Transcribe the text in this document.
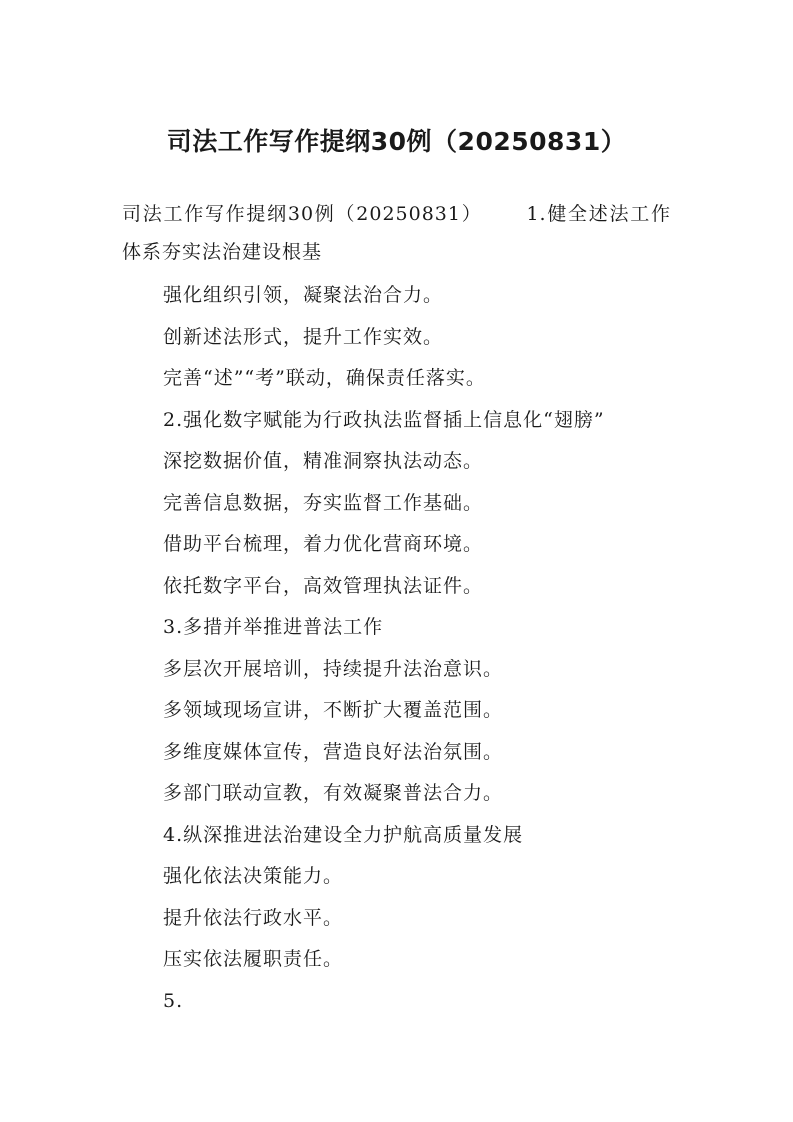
司法工作写作提纲30例（20250831）

司法工作写作提纲30例（20250831） 1.健全述法工作体系夯实法治建设根基

强化组织引领，凝聚法治合力。

创新述法形式，提升工作实效。

完善“述”“考”联动，确保责任落实。

2.强化数字赋能为行政执法监督插上信息化“翅膀”

深挖数据价值，精准洞察执法动态。

完善信息数据，夯实监督工作基础。

借助平台梳理，着力优化营商环境。

依托数字平台，高效管理执法证件。

3.多措并举推进普法工作

多层次开展培训，持续提升法治意识。

多领域现场宣讲，不断扩大覆盖范围。

多维度媒体宣传，营造良好法治氛围。

多部门联动宣教，有效凝聚普法合力。

4.纵深推进法治建设全力护航高质量发展

强化依法决策能力。

提升依法行政水平。

压实依法履职责任。

5.
